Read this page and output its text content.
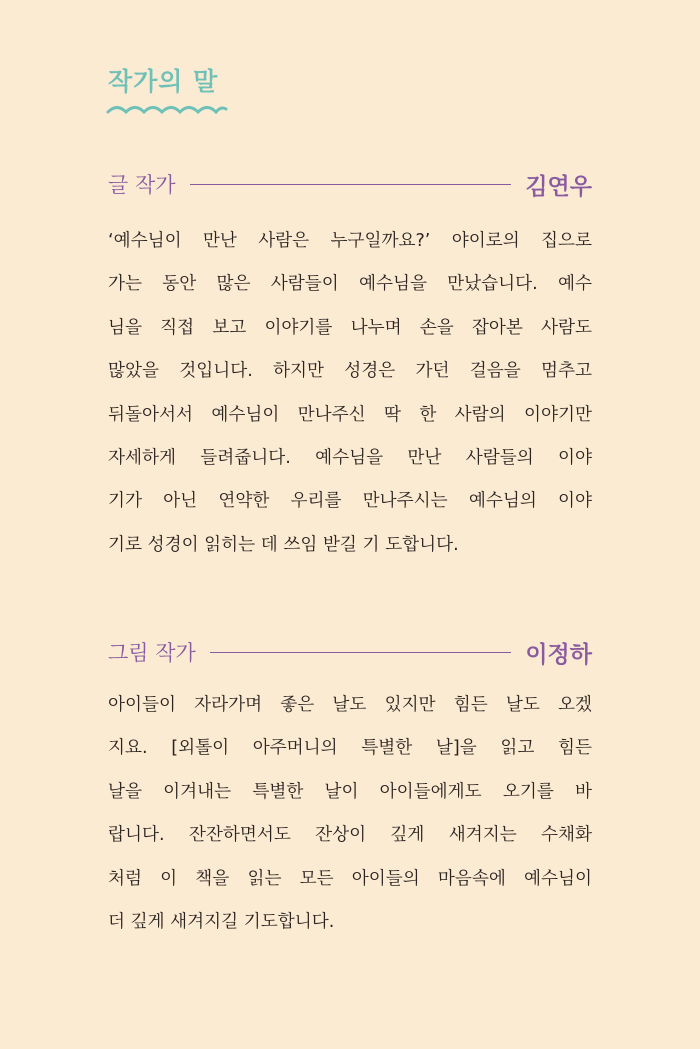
작가의 말
글 작가	김연우
‘예수님이 만난 사람은 누구일까요?’ 야이로의 집으로
가는 동안 많은 사람들이 예수님을 만났습니다. 예수
님을 직접 보고 이야기를 나누며 손을 잡아본 사람도
많았을 것입니다. 하지만 성경은 가던 걸음을 멈추고
뒤돌아서서 예수님이 만나주신 딱 한 사람의 이야기만
자세하게 들려줍니다. 예수님을 만난 사람들의 이야
기가 아닌 연약한 우리를 만나주시는 예수님의 이야
기로 성경이 읽히는 데 쓰임 받길 기 도합니다.
그림 작가	이정하
아이들이 자라가며 좋은 날도 있지만 힘든 날도 오겠
지요. [외톨이 아주머니의 특별한 날]을 읽고 힘든
날을 이겨내는 특별한 날이 아이들에게도 오기를 바
랍니다. 잔잔하면서도 잔상이 깊게 새겨지는 수채화
처럼 이 책을 읽는 모든 아이들의 마음속에 예수님이
더 깊게 새겨지길 기도합니다.
